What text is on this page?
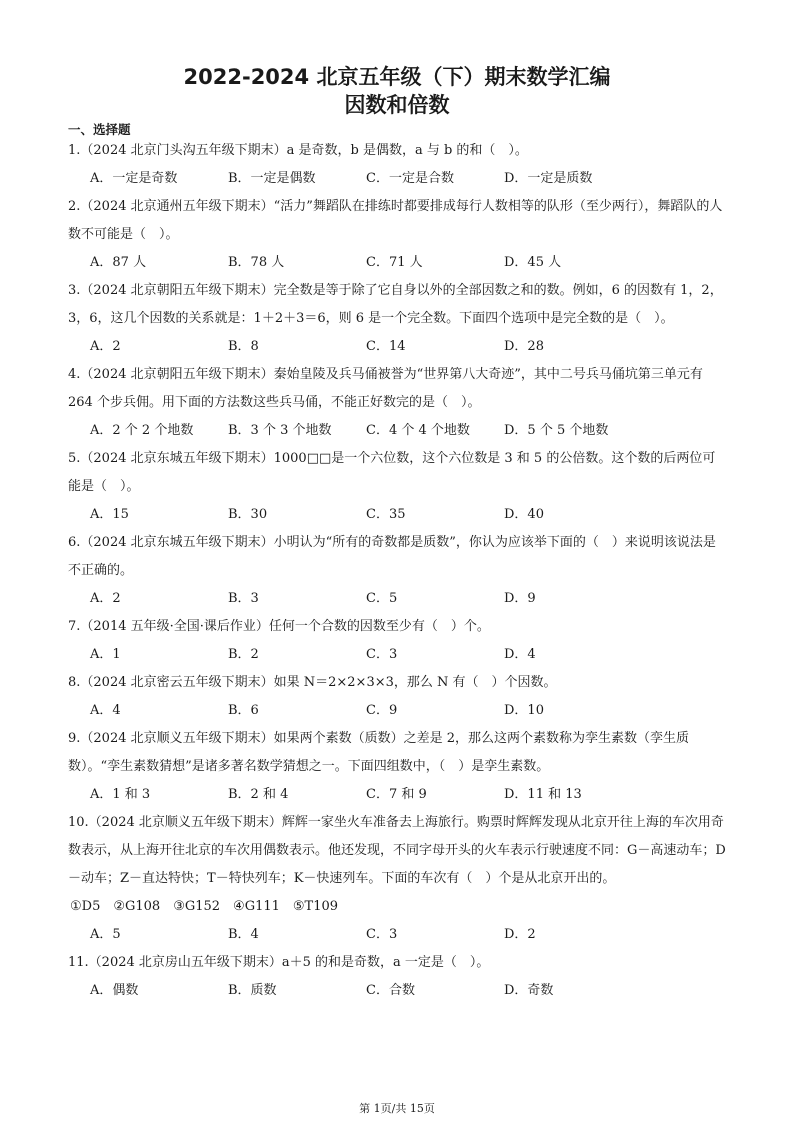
2022-2024 北京五年级（下）期末数学汇编
因数和倍数
一、选择题

1.（2024 北京门头沟五年级下期末）a 是奇数，b 是偶数，a 与 b 的和（　）。

A．一定是奇数	B．一定是偶数	C．一定是合数	D．一定是质数

2.（2024 北京通州五年级下期末）“活力”舞蹈队在排练时都要排成每行人数相等的队形（至少两行），舞蹈队的人数不可能是（　）。

A．87 人	B．78 人	C．71 人	D．45 人

3.（2024 北京朝阳五年级下期末）完全数是等于除了它自身以外的全部因数之和的数。例如，6 的因数有 1，2，3，6，这几个因数的关系就是：1＋2＋3＝6，则 6 是一个完全数。下面四个选项中是完全数的是（　）。

A．2	B．8	C．14	D．28

4.（2024 北京朝阳五年级下期末）秦始皇陵及兵马俑被誉为“世界第八大奇迹”，其中二号兵马俑坑第三单元有 264 个步兵佣。用下面的方法数这些兵马俑，不能正好数完的是（　）。

A．2 个 2 个地数	B．3 个 3 个地数	C．4 个 4 个地数	D．5 个 5 个地数

5.（2024 北京东城五年级下期末）1000□□是一个六位数，这个六位数是 3 和 5 的公倍数。这个数的后两位可能是（　）。

A．15	B．30	C．35	D．40

6.（2024 北京东城五年级下期末）小明认为“所有的奇数都是质数”，你认为应该举下面的（　）来说明该说法是不正确的。

A．2	B．3	C．5	D．9

7.（2014 五年级·全国·课后作业）任何一个合数的因数至少有（　）个。

A．1	B．2	C．3	D．4

8.（2024 北京密云五年级下期末）如果 N＝2×2×3×3，那么 N 有（　）个因数。

A．4	B．6	C．9	D．10

9.（2024 北京顺义五年级下期末）如果两个素数（质数）之差是 2，那么这两个素数称为孪生素数（孪生质数）。“孪生素数猜想”是诸多著名数学猜想之一。下面四组数中，（　）是孪生素数。

A．1 和 3	B．2 和 4	C．7 和 9	D．11 和 13

10.（2024 北京顺义五年级下期末）辉辉一家坐火车准备去上海旅行。购票时辉辉发现从北京开往上海的车次用奇数表示，从上海开往北京的车次用偶数表示。他还发现，不同字母开头的火车表示行驶速度不同：G－高速动车；D－动车；Z－直达特快；T－特快列车；K－快速列车。下面的车次有（　）个是从北京开出的。

①D5　②G108　③G152　④G111　⑤T109

A．5	B．4	C．3	D．2

11.（2024 北京房山五年级下期末）a＋5 的和是奇数，a 一定是（　）。

A．偶数	B．质数	C．合数	D．奇数
第 1页/共 15页
